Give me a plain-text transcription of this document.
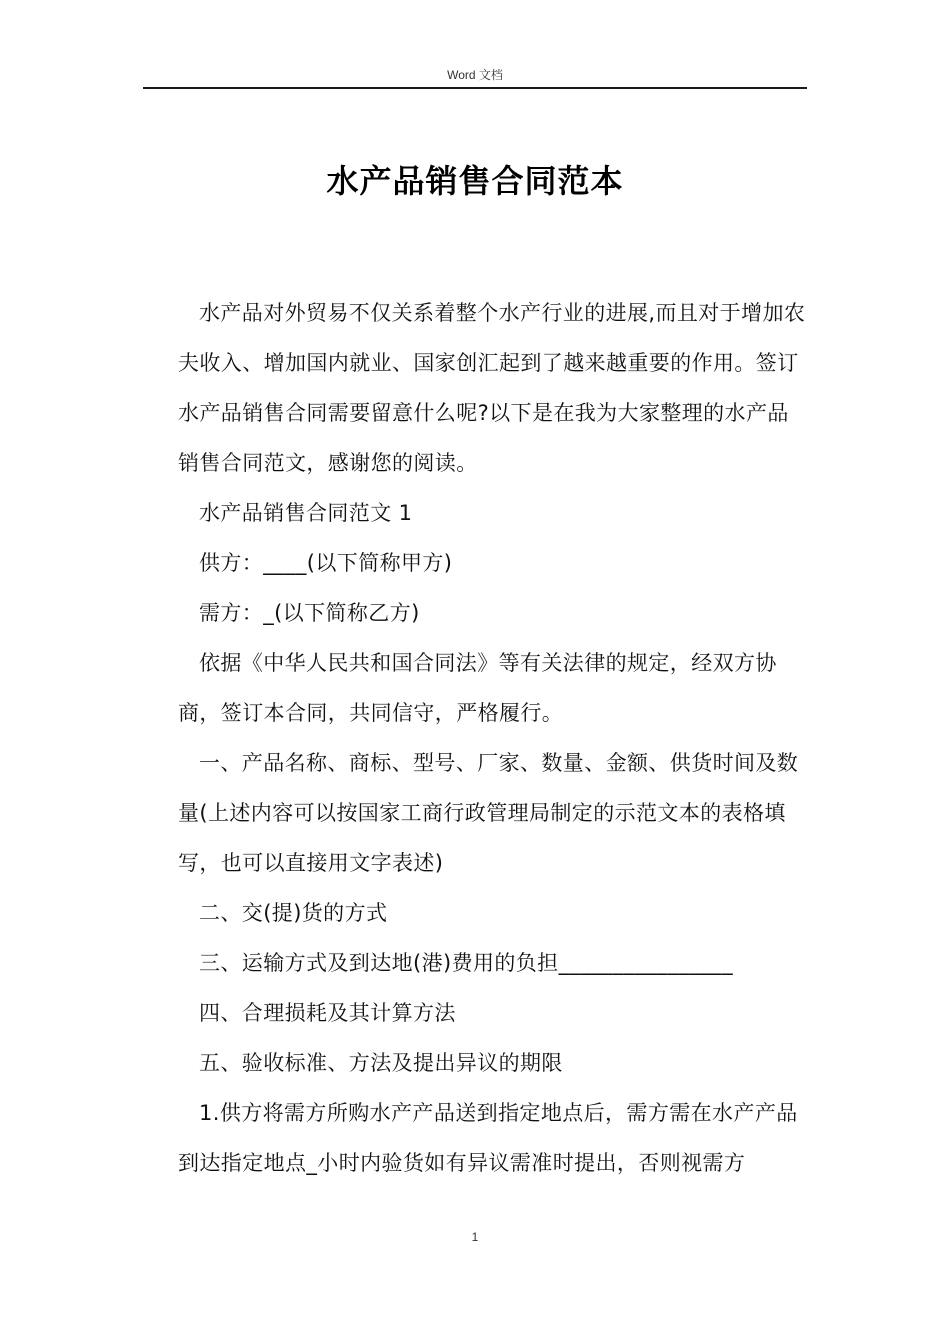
Word 文档
水产品销售合同范本

水产品对外贸易不仅关系着整个水产行业的进展,而且对于增加农夫收入、增加国内就业、国家创汇起到了越来越重要的作用。签订水产品销售合同需要留意什么呢?以下是在我为大家整理的水产品销售合同范文，感谢您的阅读。

水产品销售合同范文 1

供方：____(以下简称甲方)

需方：_(以下简称乙方)

依据《中华人民共和国合同法》等有关法律的规定，经双方协商，签订本合同，共同信守，严格履行。

一、产品名称、商标、型号、厂家、数量、金额、供货时间及数量(上述内容可以按国家工商行政管理局制定的示范文本的表格填写，也可以直接用文字表述)

二、交(提)货的方式

三、运输方式及到达地(港)费用的负担________________

四、合理损耗及其计算方法

五、验收标准、方法及提出异议的期限

1.供方将需方所购水产产品送到指定地点后，需方需在水产产品到达指定地点_小时内验货如有异议需准时提出，否则视需方

1
